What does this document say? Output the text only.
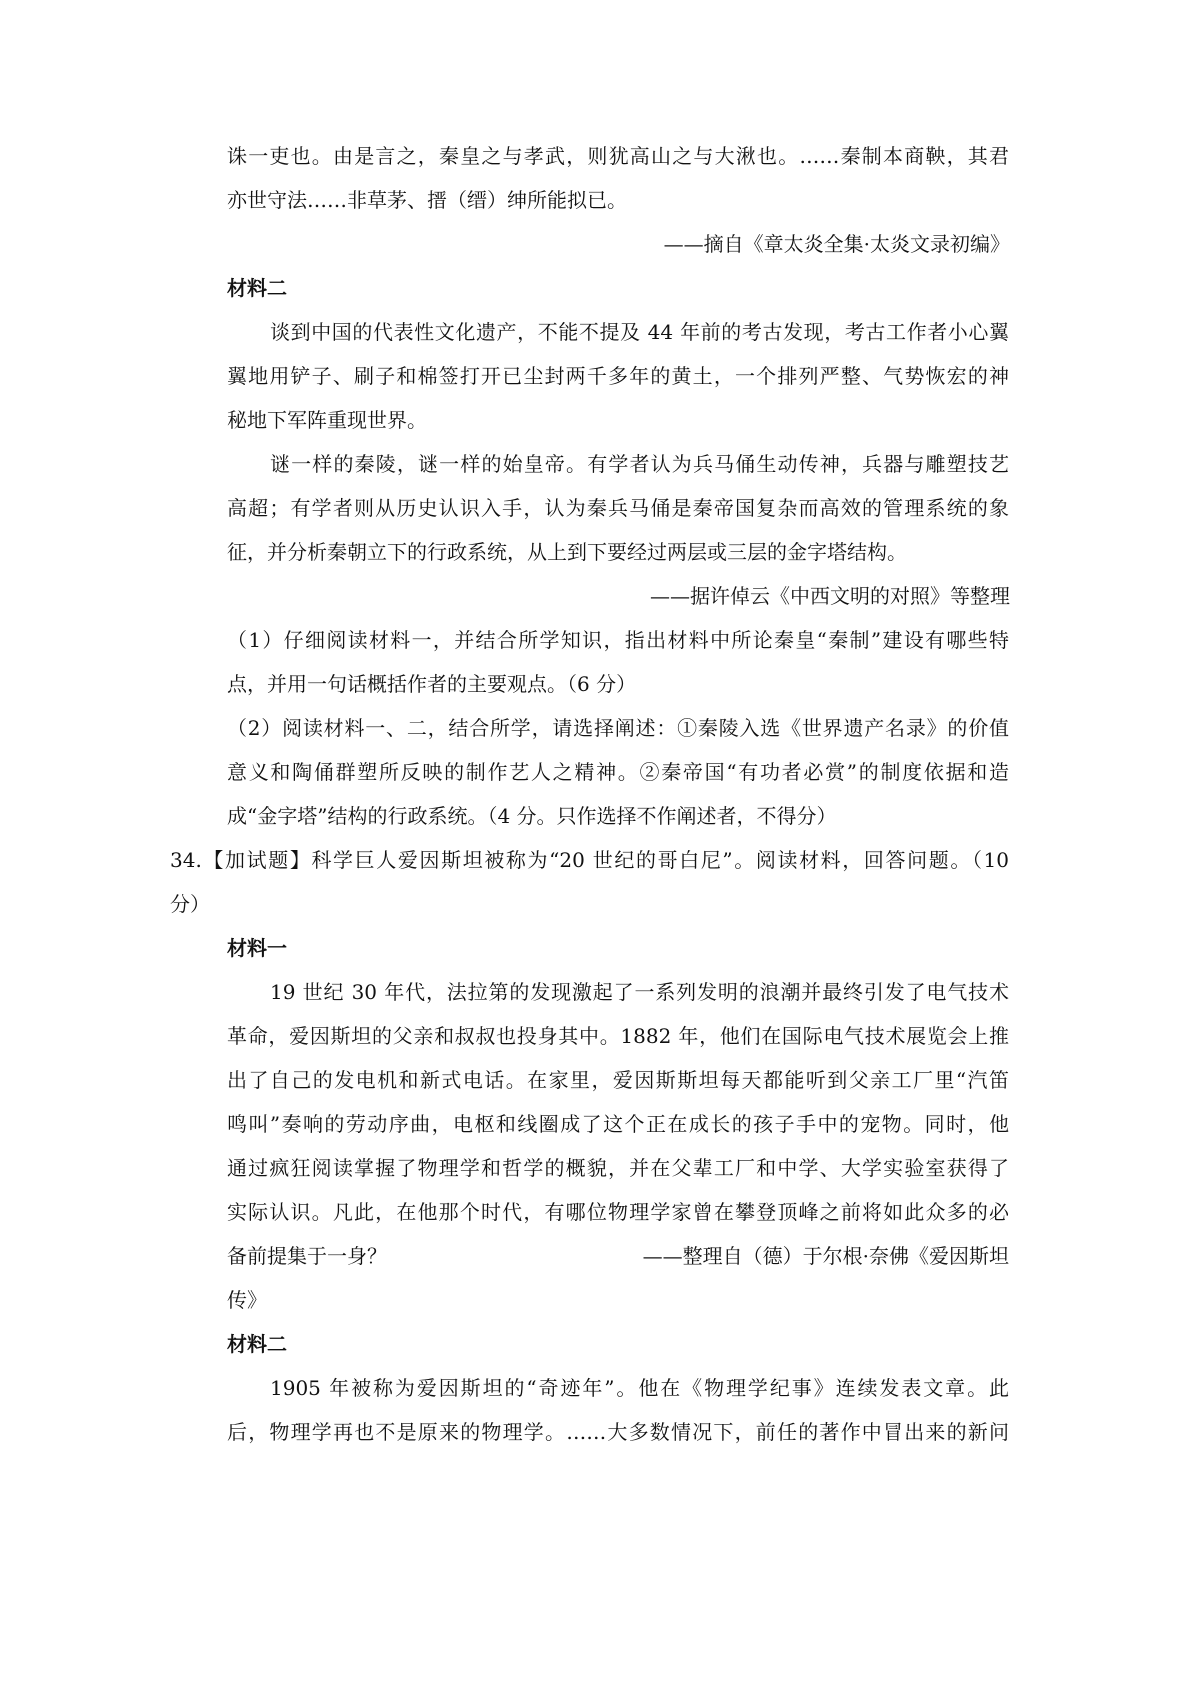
诛一吏也。由是言之，秦皇之与孝武，则犹高山之与大湫也。……秦制本商鞅，其君
亦世守法……非草茅、搢（缙）绅所能拟已。
——摘自《章太炎全集·太炎文录初编》
材料二
谈到中国的代表性文化遗产，不能不提及 44 年前的考古发现，考古工作者小心翼
翼地用铲子、刷子和棉签打开已尘封两千多年的黄土，一个排列严整、气势恢宏的神
秘地下军阵重现世界。
谜一样的秦陵，谜一样的始皇帝。有学者认为兵马俑生动传神，兵器与雕塑技艺
高超；有学者则从历史认识入手，认为秦兵马俑是秦帝国复杂而高效的管理系统的象
征，并分析秦朝立下的行政系统，从上到下要经过两层或三层的金字塔结构。
——据许倬云《中西文明的对照》等整理
（1）仔细阅读材料一，并结合所学知识，指出材料中所论秦皇“秦制”建设有哪些特
点，并用一句话概括作者的主要观点。（6 分）
（2）阅读材料一、二，结合所学，请选择阐述：①秦陵入选《世界遗产名录》的价值
意义和陶俑群塑所反映的制作艺人之精神。②秦帝国“有功者必赏”的制度依据和造
成“金字塔”结构的行政系统。（4 分。只作选择不作阐述者，不得分）
34.【加试题】科学巨人爱因斯坦被称为“20 世纪的哥白尼”。阅读材料，回答问题。（10
分）
材料一
19 世纪 30 年代，法拉第的发现激起了一系列发明的浪潮并最终引发了电气技术
革命，爱因斯坦的父亲和叔叔也投身其中。1882 年，他们在国际电气技术展览会上推
出了自己的发电机和新式电话。在家里，爱因斯斯坦每天都能听到父亲工厂里“汽笛
鸣叫”奏响的劳动序曲，电枢和线圈成了这个正在成长的孩子手中的宠物。同时，他
通过疯狂阅读掌握了物理学和哲学的概貌，并在父辈工厂和中学、大学实验室获得了
实际认识。凡此，在他那个时代，有哪位物理学家曾在攀登顶峰之前将如此众多的必
备前提集于一身？	——整理自（德）于尔根·奈佛《爱因斯坦
传》
材料二
1905 年被称为爱因斯坦的“奇迹年”。他在《物理学纪事》连续发表文章。此
后，物理学再也不是原来的物理学。……大多数情况下，前任的著作中冒出来的新问
